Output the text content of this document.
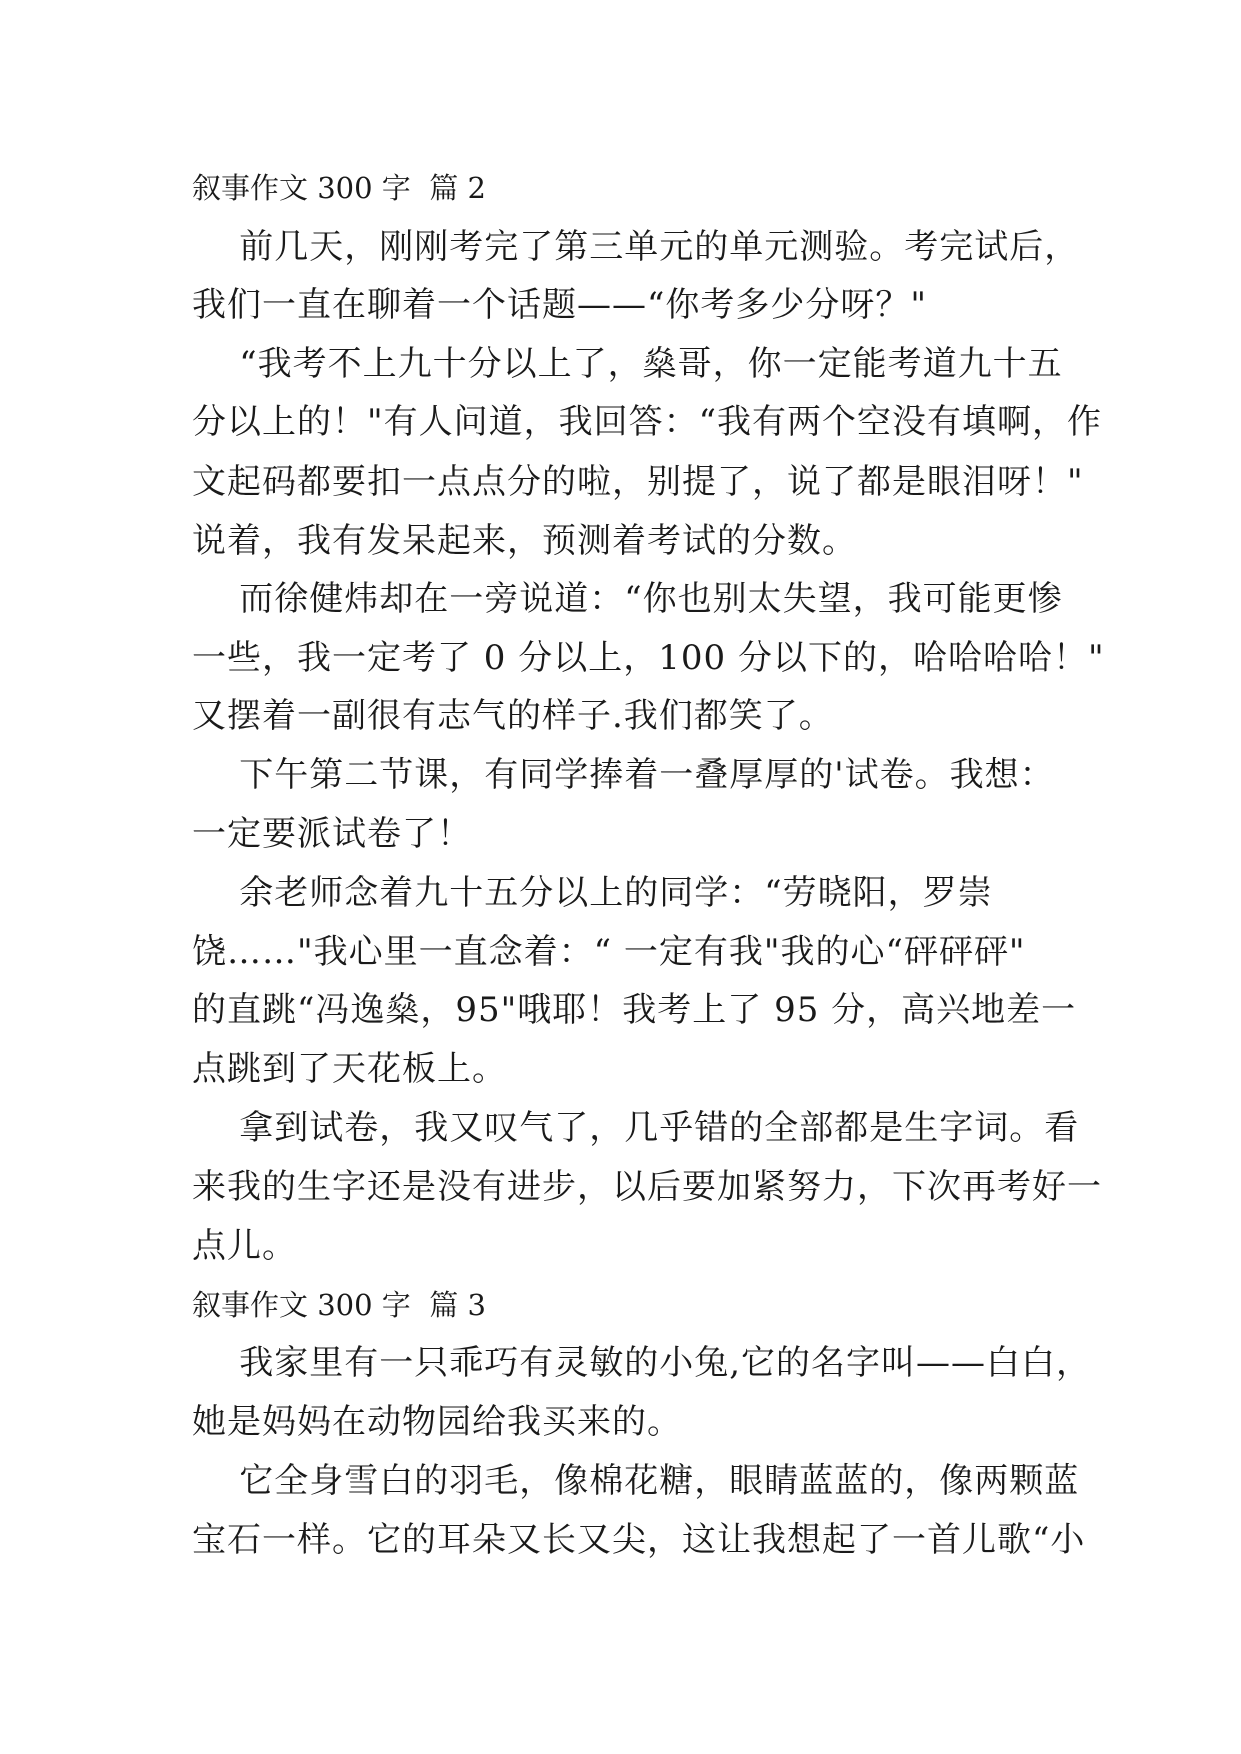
叙事作文 300 字  篇 2

前几天，刚刚考完了第三单元的单元测验。考完试后，

我们一直在聊着一个话题——“你考多少分呀？"

“我考不上九十分以上了，燊哥，你一定能考道九十五

分以上的！"有人问道，我回答：“我有两个空没有填啊，作

文起码都要扣一点点分的啦，别提了，说了都是眼泪呀！"

说着，我有发呆起来，预测着考试的分数。

而徐健炜却在一旁说道：“你也别太失望，我可能更惨

一些，我一定考了 0 分以上，100 分以下的，哈哈哈哈！"

又摆着一副很有志气的样子.我们都笑了。

下午第二节课，有同学捧着一叠厚厚的'试卷。我想：

一定要派试卷了！

余老师念着九十五分以上的同学：“劳晓阳，罗崇

饶……"我心里一直念着：“ 一定有我"我的心“砰砰砰"

的直跳“冯逸燊，95"哦耶！我考上了 95 分，高兴地差一

点跳到了天花板上。

拿到试卷，我又叹气了，几乎错的全部都是生字词。看

来我的生字还是没有进步，以后要加紧努力，下次再考好一

点儿。

叙事作文 300 字  篇 3

我家里有一只乖巧有灵敏的小兔,它的名字叫——白白，

她是妈妈在动物园给我买来的。

它全身雪白的羽毛，像棉花糖，眼睛蓝蓝的，像两颗蓝

宝石一样。它的耳朵又长又尖，这让我想起了一首儿歌“小
